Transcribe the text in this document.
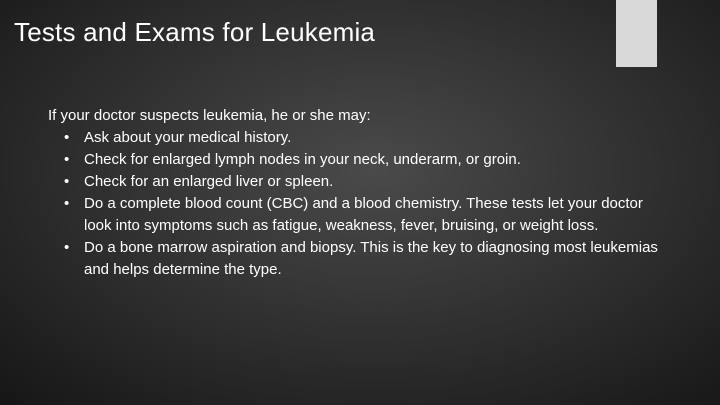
Tests and Exams for Leukemia

If your doctor suspects leukemia, he or she may:

• Ask about your medical history.
• Check for enlarged lymph nodes in your neck, underarm, or groin.
• Check for an enlarged liver or spleen.
• Do a complete blood count (CBC) and a blood chemistry. These tests let your doctor look into symptoms such as fatigue, weakness, fever, bruising, or weight loss.
• Do a bone marrow aspiration and biopsy. This is the key to diagnosing most leukemias and helps determine the type.
